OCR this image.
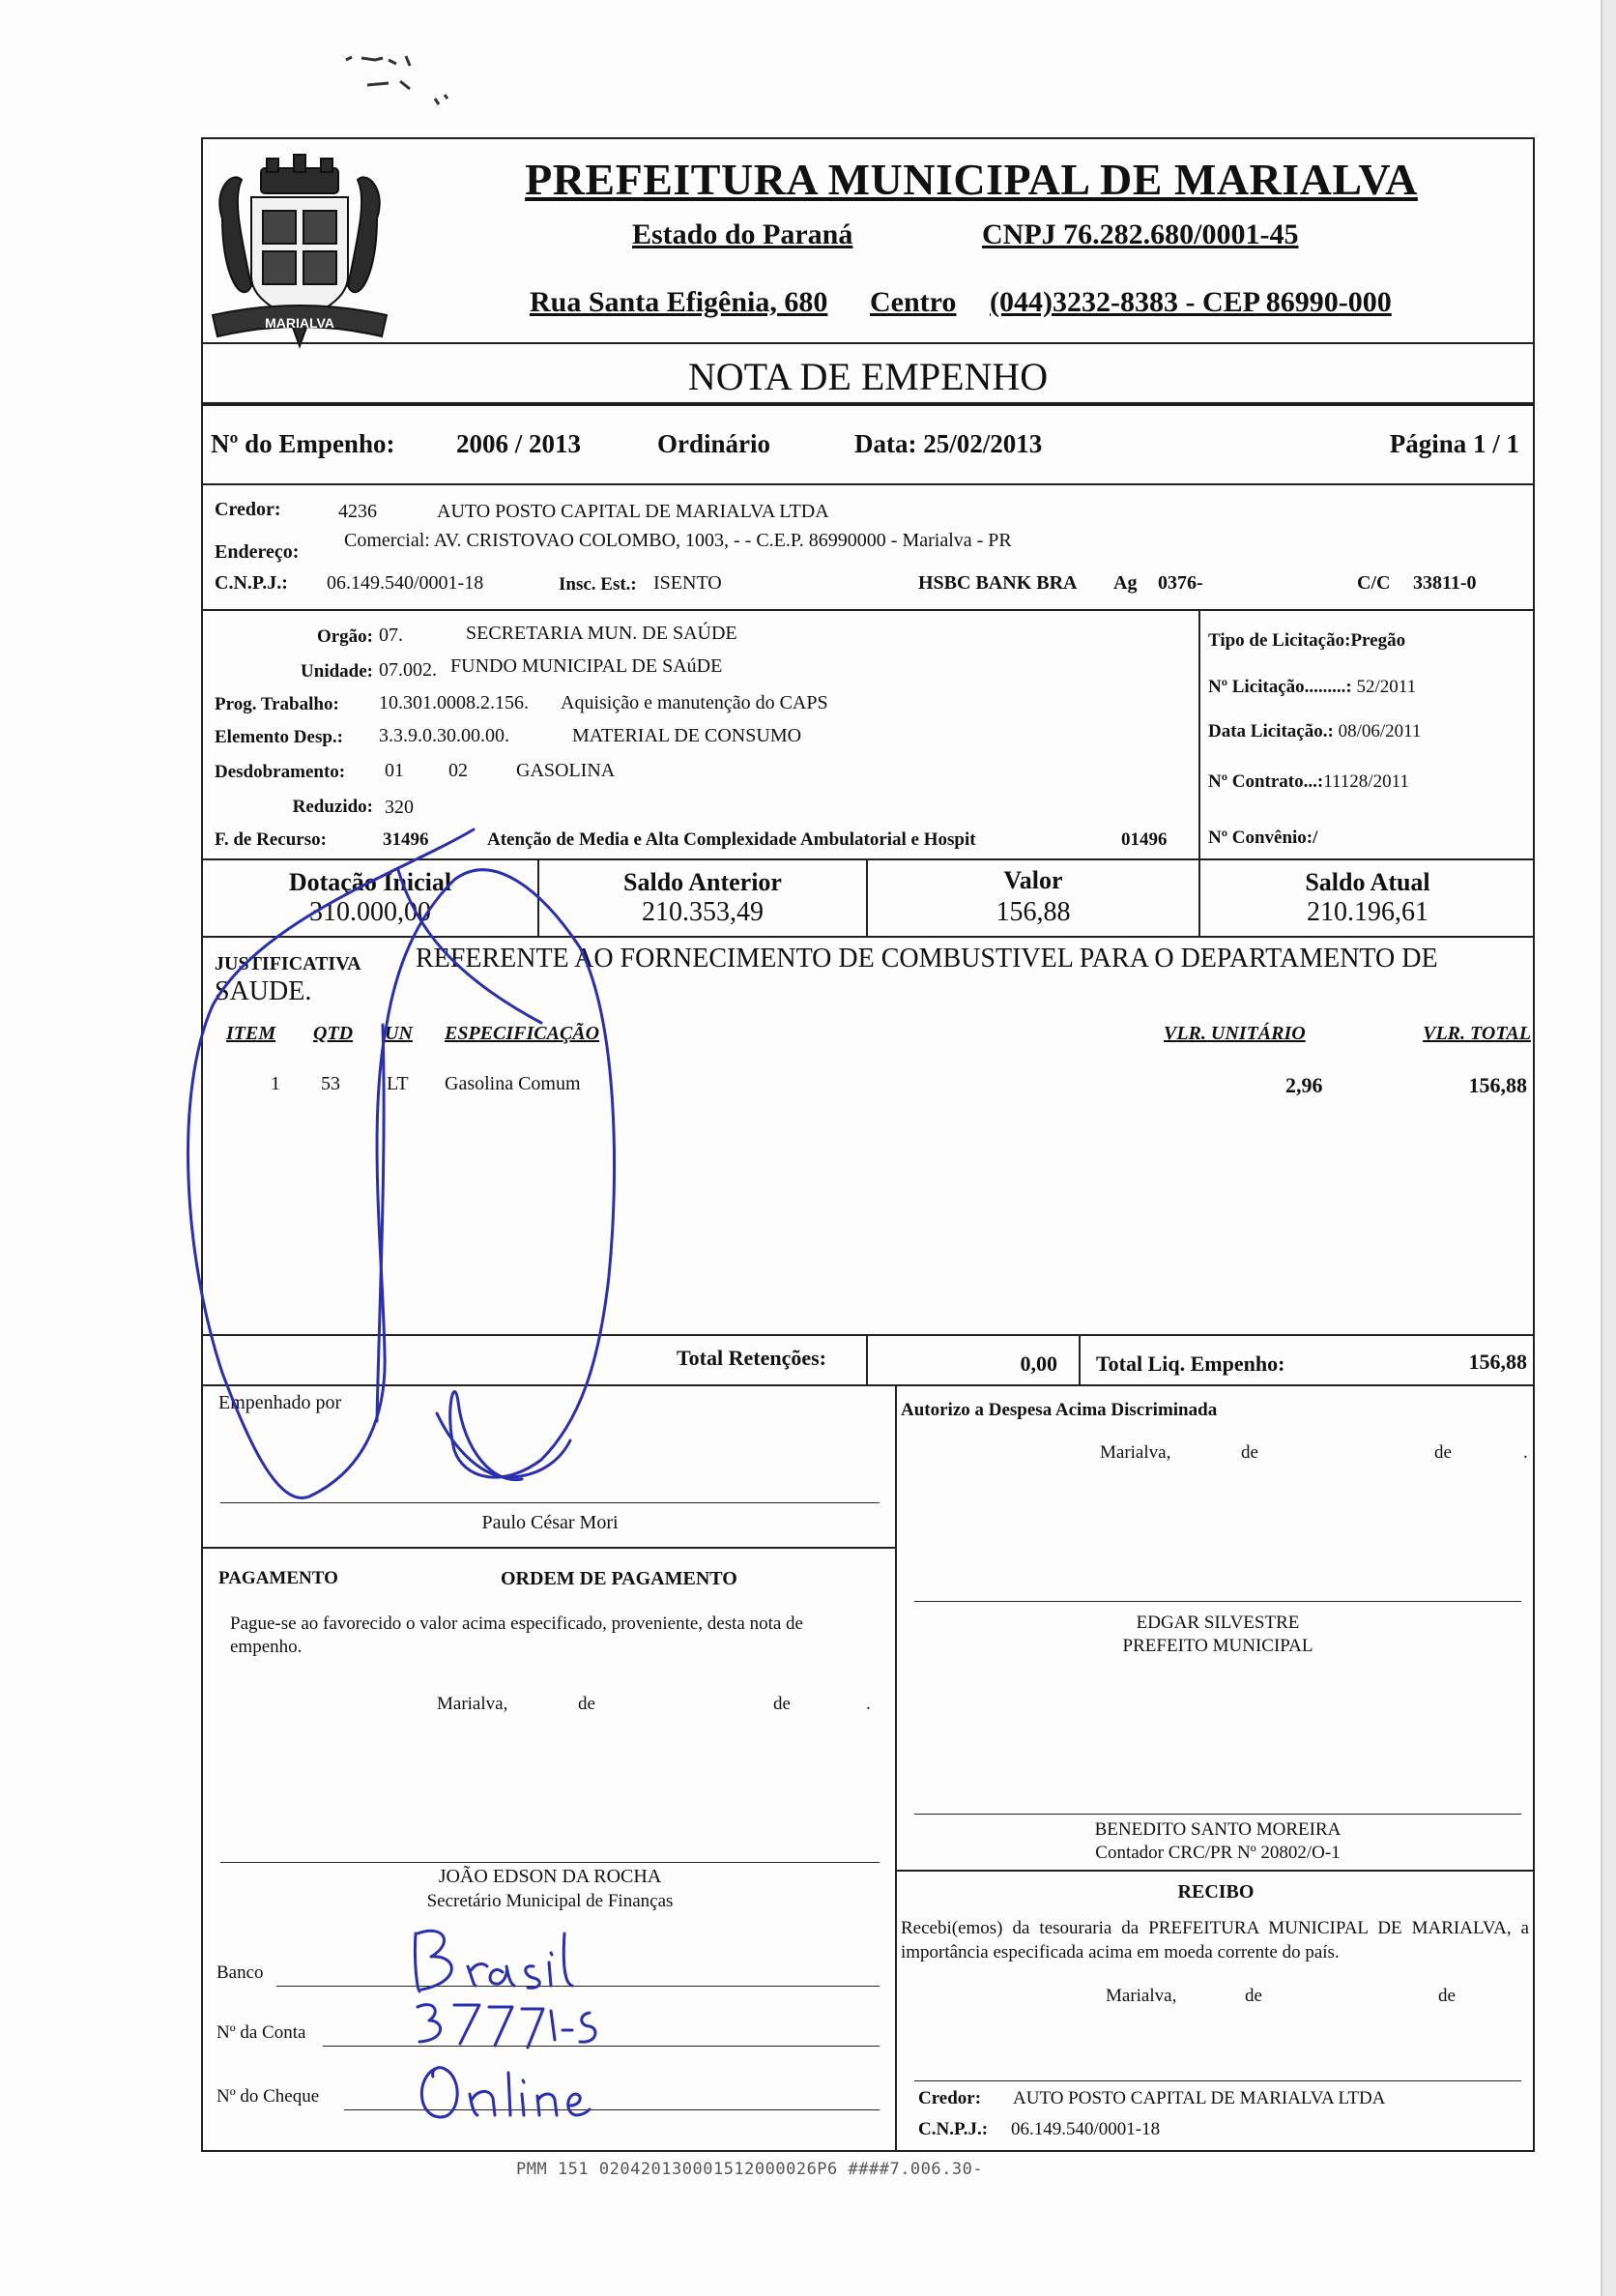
MARIALVA
PREFEITURA MUNICIPAL DE MARIALVA
Estado do Paraná	CNPJ 76.282.680/0001-45
Rua Santa Efigênia, 680 Centro (044)3232-8383 - CEP 86990-000
NOTA DE EMPENHO
Nº do Empenho: 2006 / 2013	Ordinário	Data: 25/02/2013	Página 1 / 1
Credor:	4236	AUTO POSTO CAPITAL DE MARIALVA LTDA
Endereço:
Comercial: AV. CRISTOVAO COLOMBO, 1003, - - C.E.P. 86990000 - Marialva - PR
C.N.P.J.: 06.149.540/0001-18	Insc. Est.: ISENTO	HSBC BANK BRA Ag 0376-	C/C 33811-0
Orgão: 07.	SECRETARIA MUN. DE SAÚDE
Unidade: 07.002. FUNDO MUNICIPAL DE SAúDE
Prog. Trabalho: 10.301.0008.2.156. Aquisição e manutenção do CAPS
Elemento Desp.: 3.3.9.0.30.00.00.	MATERIAL DE CONSUMO
Desdobramento: 01 02	GASOLINA
Reduzido: 320
F. de Recurso:	31496	Atenção de Media e Alta Complexidade Ambulatorial e Hospit	01496
Tipo de Licitação:Pregão
Nº Licitação.........: 52/2011
Data Licitação.: 08/06/2011
Nº Contrato...:11128/2011
Nº Convênio:/
Dotação Inicial
310.000,00
Saldo Anterior
210.353,49
Valor
156,88
Saldo Atual
210.196,61
JUSTIFICATIVA REFERENTE AO FORNECIMENTO DE COMBUSTIVEL PARA O DEPARTAMENTO DE
SAUDE.
ITEM QTD UN ESPECIFICAÇÃO	VLR. UNITÁRIO	VLR. TOTAL
1 53 LT Gasolina Comum	2,96	156,88
Total Retenções:	0,00 Total Liq. Empenho:	156,88
Empenhado por
Paulo César Mori
Autorizo a Despesa Acima Discriminada
Marialva,	de	de	.
PAGAMENTO	ORDEM DE PAGAMENTO
Pague-se ao favorecido o valor acima especificado, proveniente, desta nota de empenho.
Marialva,	de	de	.
JOÃO EDSON DA ROCHA
Secretário Municipal de Finanças
Banco
Nº da Conta
Nº do Cheque
EDGAR SILVESTRE
PREFEITO MUNICIPAL
BENEDITO SANTO MOREIRA
Contador CRC/PR Nº 20802/O-1
RECIBO
Recebi(emos) da tesouraria da PREFEITURA MUNICIPAL DE MARIALVA, a importância especificada acima em moeda corrente do país.
Marialva,	de	de
Credor: AUTO POSTO CAPITAL DE MARIALVA LTDA
C.N.P.J.: 06.149.540/0001-18
PMM 151 020420130001512000026P6 ####7.006.30-
